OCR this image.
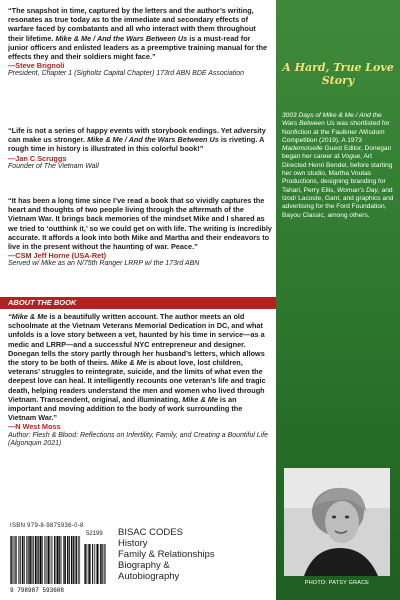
“The snapshot in time, captured by the letters and the author’s writing, resonates as true today as to the immediate and secondary effects of warfare faced by combatants and all who interact with them throughout their lifetime. Mike & Me / And the Wars Between Us is a must-read for junior officers and enlisted leaders as a preemptive training manual for the effects they and their soldiers might face.”

—Steve Brignoli
President, Chapter 1 (Sigholtz Capital Chapter) 173rd ABN BDE Association

“Life is not a series of happy events with storybook endings. Yet adversity can make us stronger. Mike & Me / And the Wars Between Us is riveting. A rough time in history is illustrated in this colorful book!”

—Jan C Scruggs
Founder of The Vietnam Wall

“It has been a long time since I’ve read a book that so vividly captures the heart and thoughts of two people living through the aftermath of the Vietnam War. It brings back memories of the mindset Mike and I shared as we tried to ‘outthink it,’ so we could get on with life. The writing is incredibly accurate. It affords a look into both Mike and Martha and their endeavors to live in the present without the haunting of war. Peace.”

—CSM Jeff Horne (USA-Ret)
Served w/ Mike as an N/75th Ranger LRRP w/ the 173rd ABN
ABOUT THE BOOK

“Mike & Me is a beautifully written account. The author meets an old schoolmate at the Vietnam Veterans Memorial Dedication in DC, and what unfolds is a love story between a vet, haunted by his time in service—as a medic and LRRP—and a successful NYC entrepreneur and designer. Donegan tells the story partly through her husband’s letters, which allows the story to be both of theirs. Mike & Me is about love, lost children, veterans’ struggles to reintegrate, suicide, and the limits of what even the deepest love can heal. It intelligently recounts one veteran’s life and tragic death, helping readers understand the men and women who lived through Vietnam. Transcendent, original, and illuminating, Mike & Me is an important and moving addition to the body of work surrounding the Vietnam War.”

—N West Moss
Author: Flesh & Blood: Reflections on Infertility, Family, and Creating a Bountiful Life (Algonquin 2021)
A Hard, True Love Story

3003 Days of Mike & Me / And the Wars Between Us was shortlisted for Nonfiction at the Faulkner /Wisdom Competition (2019). A 1973 Mademoiselle Guest Editor, Donegan began her career at Vogue, Art Directed Henri Bendel, before starting her own studio, Martha Voutas Productions, designing branding for Tahari, Perry Ellis, Woman’s Day, and Izod/ Lacoste, Gant, and graphics and advertising for the Ford Foundation, Bayou Classic, among others.

PHOTO: PATSY GRACE
ISBN 979-8-9875936-0-8
52199
9 798987 593608

BISAC CODES

History

Family & Relationships

Biography &

Autobiography
